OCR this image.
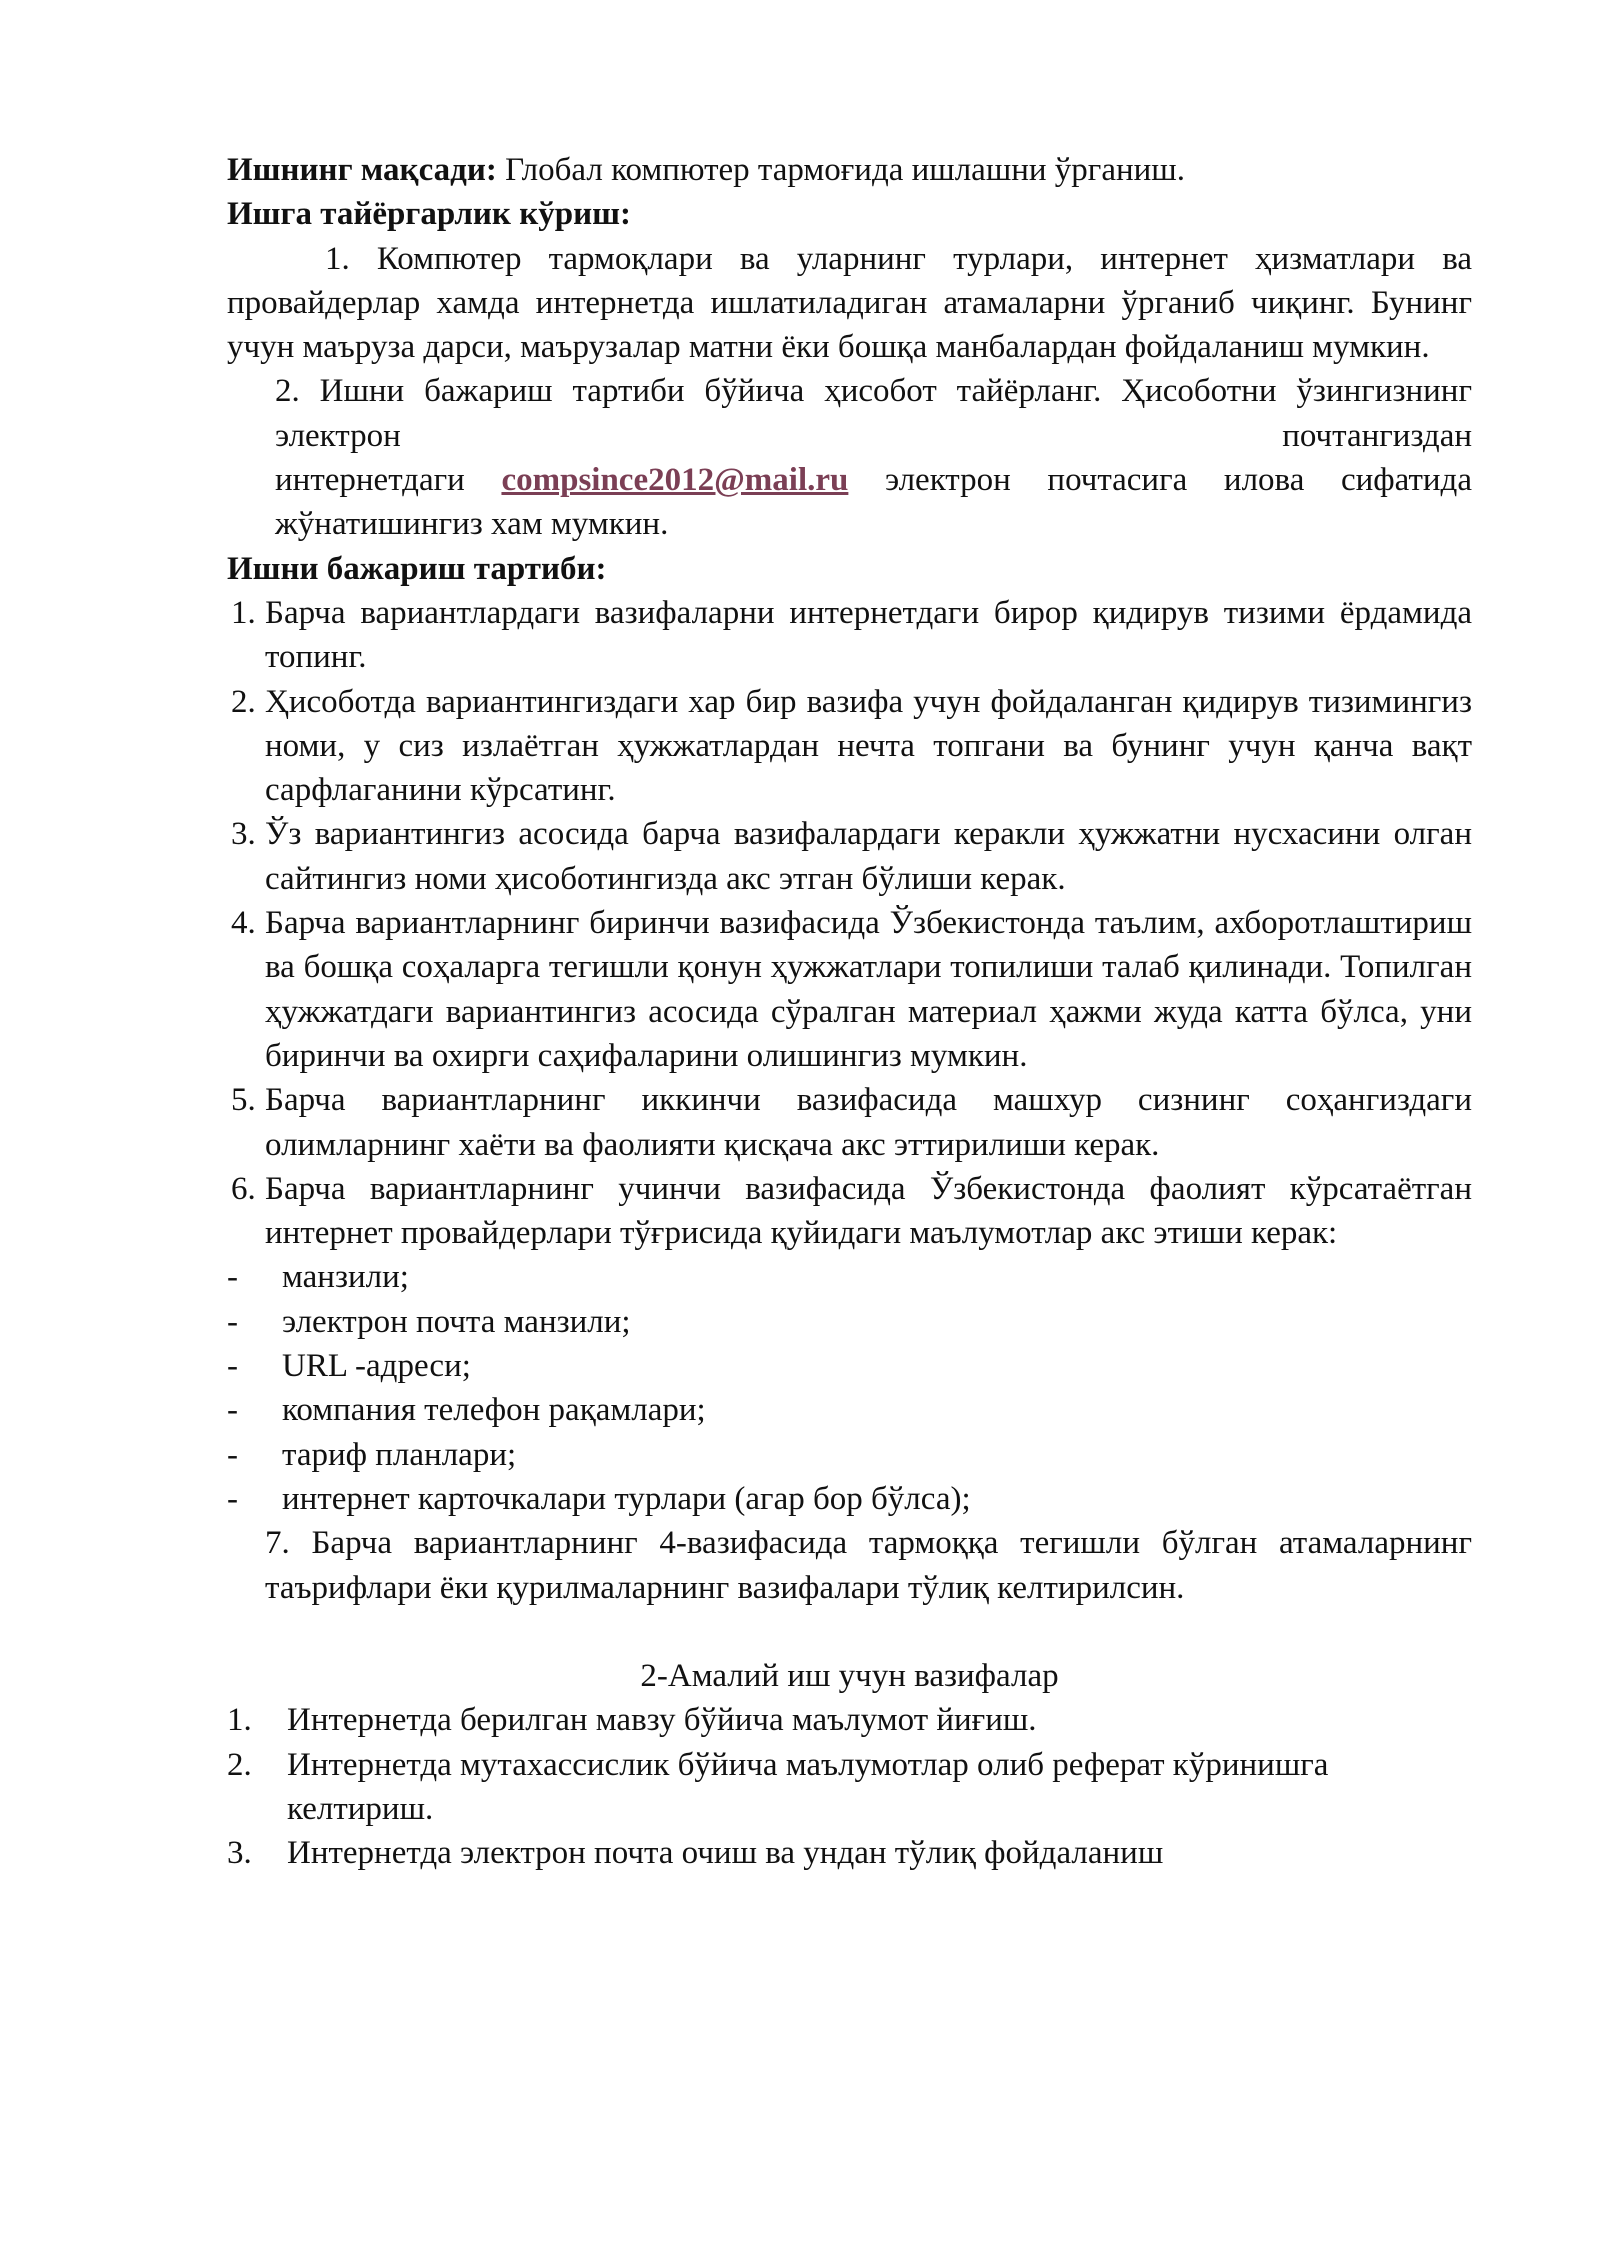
Ишнинг мақсади: Глобал компютер тармоғида ишлашни ўрганиш.

Ишга тайёргарлик кўриш:

1. Компютер тармоқлари ва уларнинг турлари, интернет ҳизматлари ва провайдерлар хамда интернетда ишлатиладиган атамаларни ўрганиб чиқинг. Бунинг учун маъруза дарси, маърузалар матни ёки бошқа манбалардан фойдаланиш мумкин.

2. Ишни бажариш тартиби бўйича ҳисобот тайёрланг. Ҳисоботни ўзингизнинг электрон почтангиздан

интернетдаги compsince2012@mail.ru электрон почтасига илова сифатида жўнатишингиз хам мумкин.

Ишни бажариш тартиби:

1. Барча вариантлардаги вазифаларни интернетдаги бирор қидирув тизими ёрдамида топинг.

2. Ҳисоботда вариантингиздаги хар бир вазифа учун фойдаланган қидирув тизимингиз номи, у сиз излаётган ҳужжатлардан нечта топгани ва бунинг учун қанча вақт сарфлаганини кўрсатинг.

3. Ўз вариантингиз асосида барча вазифалардаги керакли ҳужжатни нусхасини олган сайтингиз номи ҳисоботингизда акс этган бўлиши керак.

4. Барча вариантларнинг биринчи вазифасида Ўзбекистонда таълим, ахборотлаштириш ва бошқа соҳаларга тегишли қонун ҳужжатлари топилиши талаб қилинади. Топилган ҳужжатдаги вариантингиз асосида сўралган материал ҳажми жуда катта бўлса, уни биринчи ва охирги саҳифаларини олишингиз мумкин.

5. Барча вариантларнинг иккинчи вазифасида машхур сизнинг соҳангиздаги олимларнинг хаёти ва фаолияти қисқача акс эттирилиши керак.

6. Барча вариантларнинг учинчи вазифасида Ўзбекистонда фаолият кўрсатаётган интернет провайдерлари тўғрисида қуйидаги маълумотлар акс этиши керак:

- манзили;
- электрон почта манзили;
- URL -адреси;
- компания телефон рақамлари;
- тариф планлари;
- интернет карточкалари турлари (агар бор бўлса);

7. Барча вариантларнинг 4-вазифасида тармоққа тегишли бўлган атамаларнинг таърифлари ёки қурилмаларнинг вазифалари тўлиқ келтирилсин.

2-Амалий иш учун вазифалар

1. Интернетда берилган мавзу бўйича маълумот йиғиш.

2. Интернетда мутахассислик бўйича маълумотлар олиб реферат кўринишга келтириш.

3. Интернетда электрон почта очиш ва ундан тўлиқ фойдаланиш
